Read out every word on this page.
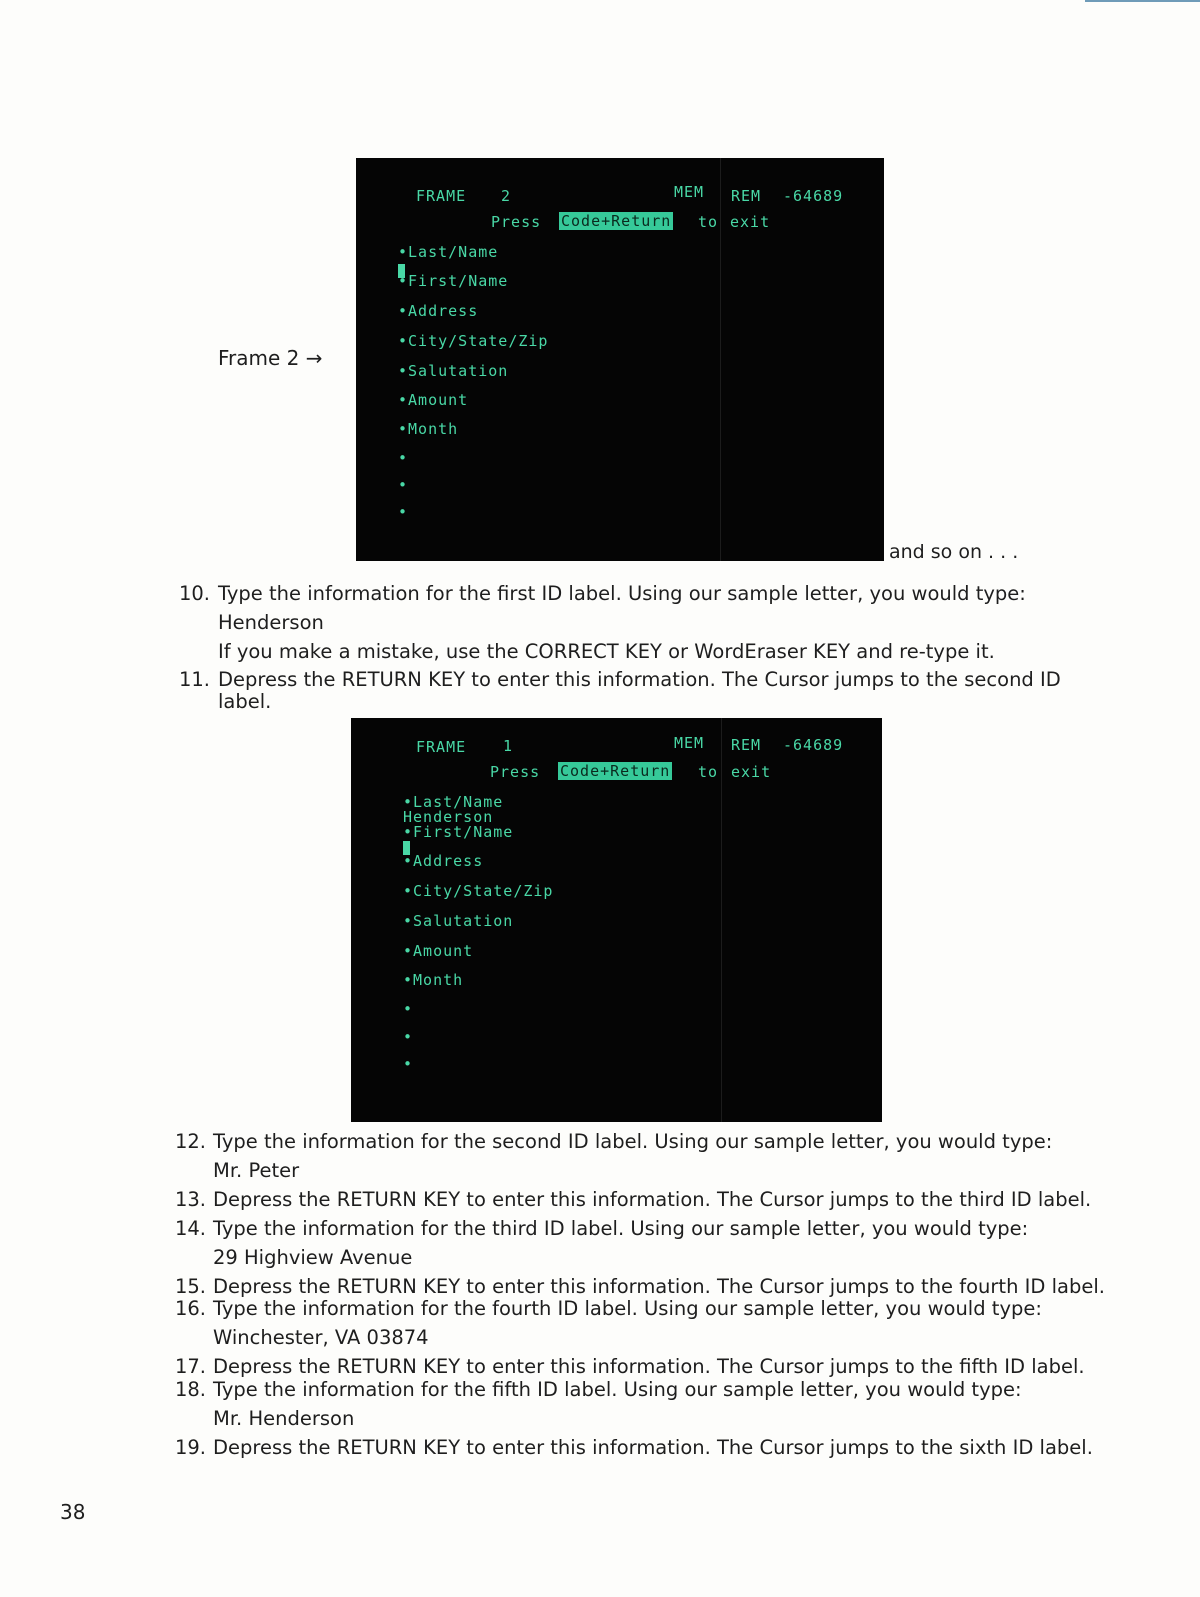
Frame 2 →
FRAME 2	MEM REM -64689
Press Code+Return to exit
•Last/Name
•First/Name
•Address
•City/State/Zip
•Salutation
•Amount
•Month
•
•
•
and so on . . .
10. Type the information for the first ID label. Using our sample letter, you would type:
Henderson
If you make a mistake, use the CORRECT KEY or WordEraser KEY and re-type it.
11. Depress the RETURN KEY to enter this information. The Cursor jumps to the second ID
label.
FRAME 1	MEM REM -64689
Press Code+Return to exit
•Last/Name
Henderson
•First/Name
•Address
•City/State/Zip
•Salutation
•Amount
•Month
•
•
•
12. Type the information for the second ID label. Using our sample letter, you would type:
Mr. Peter
13. Depress the RETURN KEY to enter this information. The Cursor jumps to the third ID label.
14. Type the information for the third ID label. Using our sample letter, you would type:
29 Highview Avenue
15. Depress the RETURN KEY to enter this information. The Cursor jumps to the fourth ID label.
16. Type the information for the fourth ID label. Using our sample letter, you would type:
Winchester, VA 03874
17. Depress the RETURN KEY to enter this information. The Cursor jumps to the fifth ID label.
18. Type the information for the fifth ID label. Using our sample letter, you would type:
Mr. Henderson
19. Depress the RETURN KEY to enter this information. The Cursor jumps to the sixth ID label.
38
